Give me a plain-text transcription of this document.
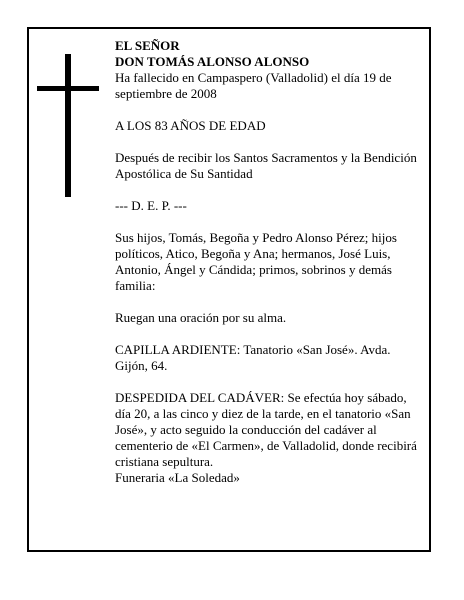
EL SEÑOR

DON TOMÁS ALONSO ALONSO

Ha fallecido en Campaspero (Valladolid) el día 19 de septiembre de 2008

A LOS 83 AÑOS DE EDAD

Después de recibir los Santos Sacramentos y la Bendición Apostólica de Su Santidad

--- D. E. P. ---

Sus hijos, Tomás, Begoña y Pedro Alonso Pérez; hijos políticos, Atico, Begoña y Ana; hermanos, José Luis, Antonio, Ángel y Cándida; primos, sobrinos y demás familia:

Ruegan una oración por su alma.

CAPILLA ARDIENTE: Tanatorio «San José». Avda. Gijón, 64.

DESPEDIDA DEL CADÁVER: Se efectúa hoy sábado, día 20, a las cinco y diez de la tarde, en el tanatorio «San José», y acto seguido la conducción del cadáver al cementerio de «El Carmen», de Valladolid, donde recibirá cristiana sepultura.

Funeraria «La Soledad»
